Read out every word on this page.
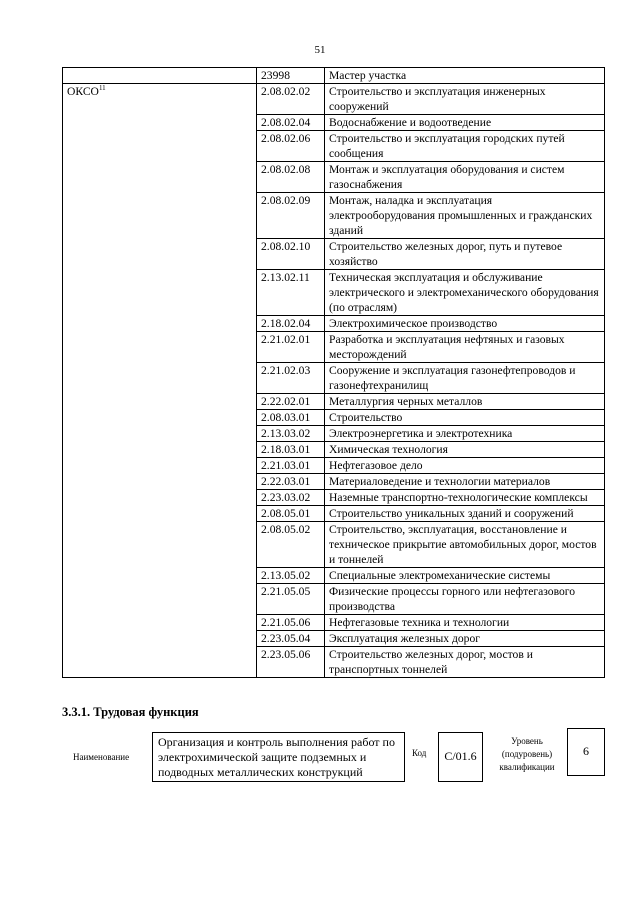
51
	23998	Мастер участка
ОКСО$^{11}$	2.08.02.02	Строительство и эксплуатация инженерных сооружений
	2.08.02.04	Водоснабжение и водоотведение
	2.08.02.06	Строительство и эксплуатация городских путей сообщения
	2.08.02.08	Монтаж и эксплуатация оборудования и систем газоснабжения
	2.08.02.09	Монтаж, наладка и эксплуатация электрооборудования промышленных и гражданских зданий
	2.08.02.10	Строительство железных дорог, путь и путевое хозяйство
	2.13.02.11	Техническая эксплуатация и обслуживание электрического и электромеханического оборудования (по отраслям)
	2.18.02.04	Электрохимическое производство
	2.21.02.01	Разработка и эксплуатация нефтяных и газовых месторождений
	2.21.02.03	Сооружение и эксплуатация газонефтепроводов и газонефтехранилищ
	2.22.02.01	Металлургия черных металлов
	2.08.03.01	Строительство
	2.13.03.02	Электроэнергетика и электротехника
	2.18.03.01	Химическая технология
	2.21.03.01	Нефтегазовое дело
	2.22.03.01	Материаловедение и технологии материалов
	2.23.03.02	Наземные транспортно-технологические комплексы
	2.08.05.01	Строительство уникальных зданий и сооружений
	2.08.05.02	Строительство, эксплуатация, восстановление и техническое прикрытие автомобильных дорог, мостов и тоннелей
	2.13.05.02	Специальные электромеханические системы
	2.21.05.05	Физические процессы горного или нефтегазового производства
	2.21.05.06	Нефтегазовые техника и технологии
	2.23.05.04	Эксплуатация железных дорог
	2.23.05.06	Строительство железных дорог, мостов и транспортных тоннелей
3.3.1. Трудовая функция
Наименование
Организация и контроль выполнения работ по электрохимической защите подземных и подводных металлических конструкций
Код	C/01.6
Уровень (подуровень) квалификации
6
